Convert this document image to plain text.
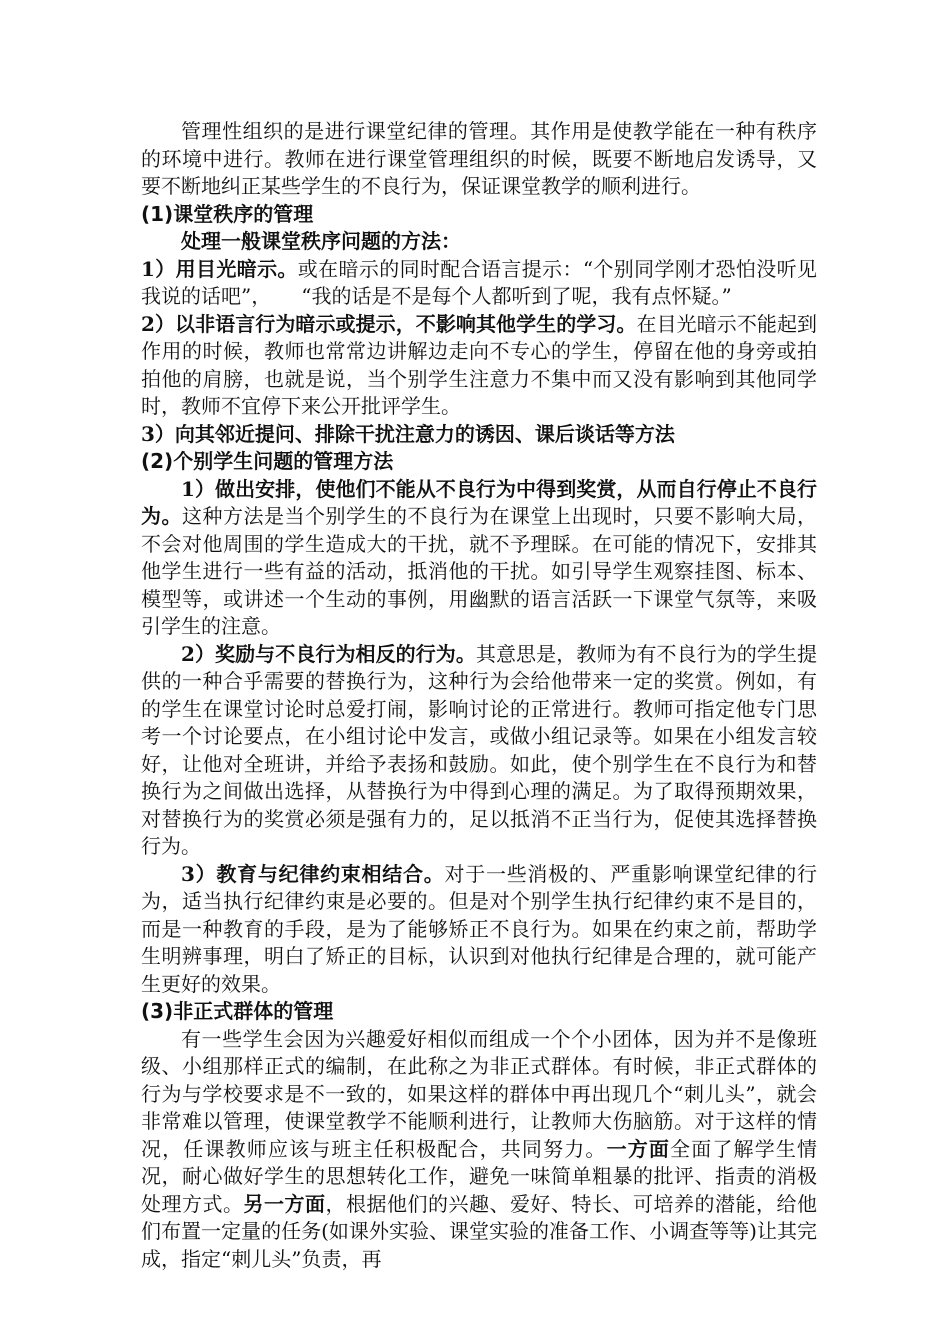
管理性组织的是进行课堂纪律的管理。其作用是使教学能在一种有秩序的环境中进行。教师在进行课堂管理组织的时候，既要不断地启发诱导，又要不断地纠正某些学生的不良行为，保证课堂教学的顺利进行。

(1)课堂秩序的管理

处理一般课堂秩序问题的方法：

1）用目光暗示。或在暗示的同时配合语言提示：“个别同学刚才恐怕没听见我说的话吧”，　　“我的话是不是每个人都听到了呢，我有点怀疑。”

2）以非语言行为暗示或提示，不影响其他学生的学习。在目光暗示不能起到作用的时候，教师也常常边讲解边走向不专心的学生，停留在他的身旁或拍拍他的肩膀，也就是说，当个别学生注意力不集中而又没有影响到其他同学时，教师不宜停下来公开批评学生。

3）向其邻近提问、排除干扰注意力的诱因、课后谈话等方法

(2)个别学生问题的管理方法

1）做出安排，使他们不能从不良行为中得到奖赏，从而自行停止不良行为。这种方法是当个别学生的不良行为在课堂上出现时，只要不影响大局，不会对他周围的学生造成大的干扰，就不予理睬。在可能的情况下，安排其他学生进行一些有益的活动，抵消他的干扰。如引导学生观察挂图、标本、模型等，或讲述一个生动的事例，用幽默的语言活跃一下课堂气氛等，来吸引学生的注意。

2）奖励与不良行为相反的行为。其意思是，教师为有不良行为的学生提供的一种合乎需要的替换行为，这种行为会给他带来一定的奖赏。例如，有的学生在课堂讨论时总爱打闹，影响讨论的正常进行。教师可指定他专门思考一个讨论要点，在小组讨论中发言，或做小组记录等。如果在小组发言较好，让他对全班讲，并给予表扬和鼓励。如此，使个别学生在不良行为和替换行为之间做出选择，从替换行为中得到心理的满足。为了取得预期效果，对替换行为的奖赏必须是强有力的，足以抵消不正当行为，促使其选择替换行为。

3）教育与纪律约束相结合。对于一些消极的、严重影响课堂纪律的行为，适当执行纪律约束是必要的。但是对个别学生执行纪律约束不是目的，而是一种教育的手段，是为了能够矫正不良行为。如果在约束之前，帮助学生明辨事理，明白了矫正的目标，认识到对他执行纪律是合理的，就可能产生更好的效果。

(3)非正式群体的管理

有一些学生会因为兴趣爱好相似而组成一个个小团体，因为并不是像班级、小组那样正式的编制，在此称之为非正式群体。有时候，非正式群体的行为与学校要求是不一致的，如果这样的群体中再出现几个“刺儿头”，就会非常难以管理，使课堂教学不能顺利进行，让教师大伤脑筋。对于这样的情况，任课教师应该与班主任积极配合，共同努力。一方面全面了解学生情况，耐心做好学生的思想转化工作，避免一味简单粗暴的批评、指责的消极处理方式。另一方面，根据他们的兴趣、爱好、特长、可培养的潜能，给他们布置一定量的任务(如课外实验、课堂实验的准备工作、小调查等等)让其完成，指定“刺儿头”负责，再
